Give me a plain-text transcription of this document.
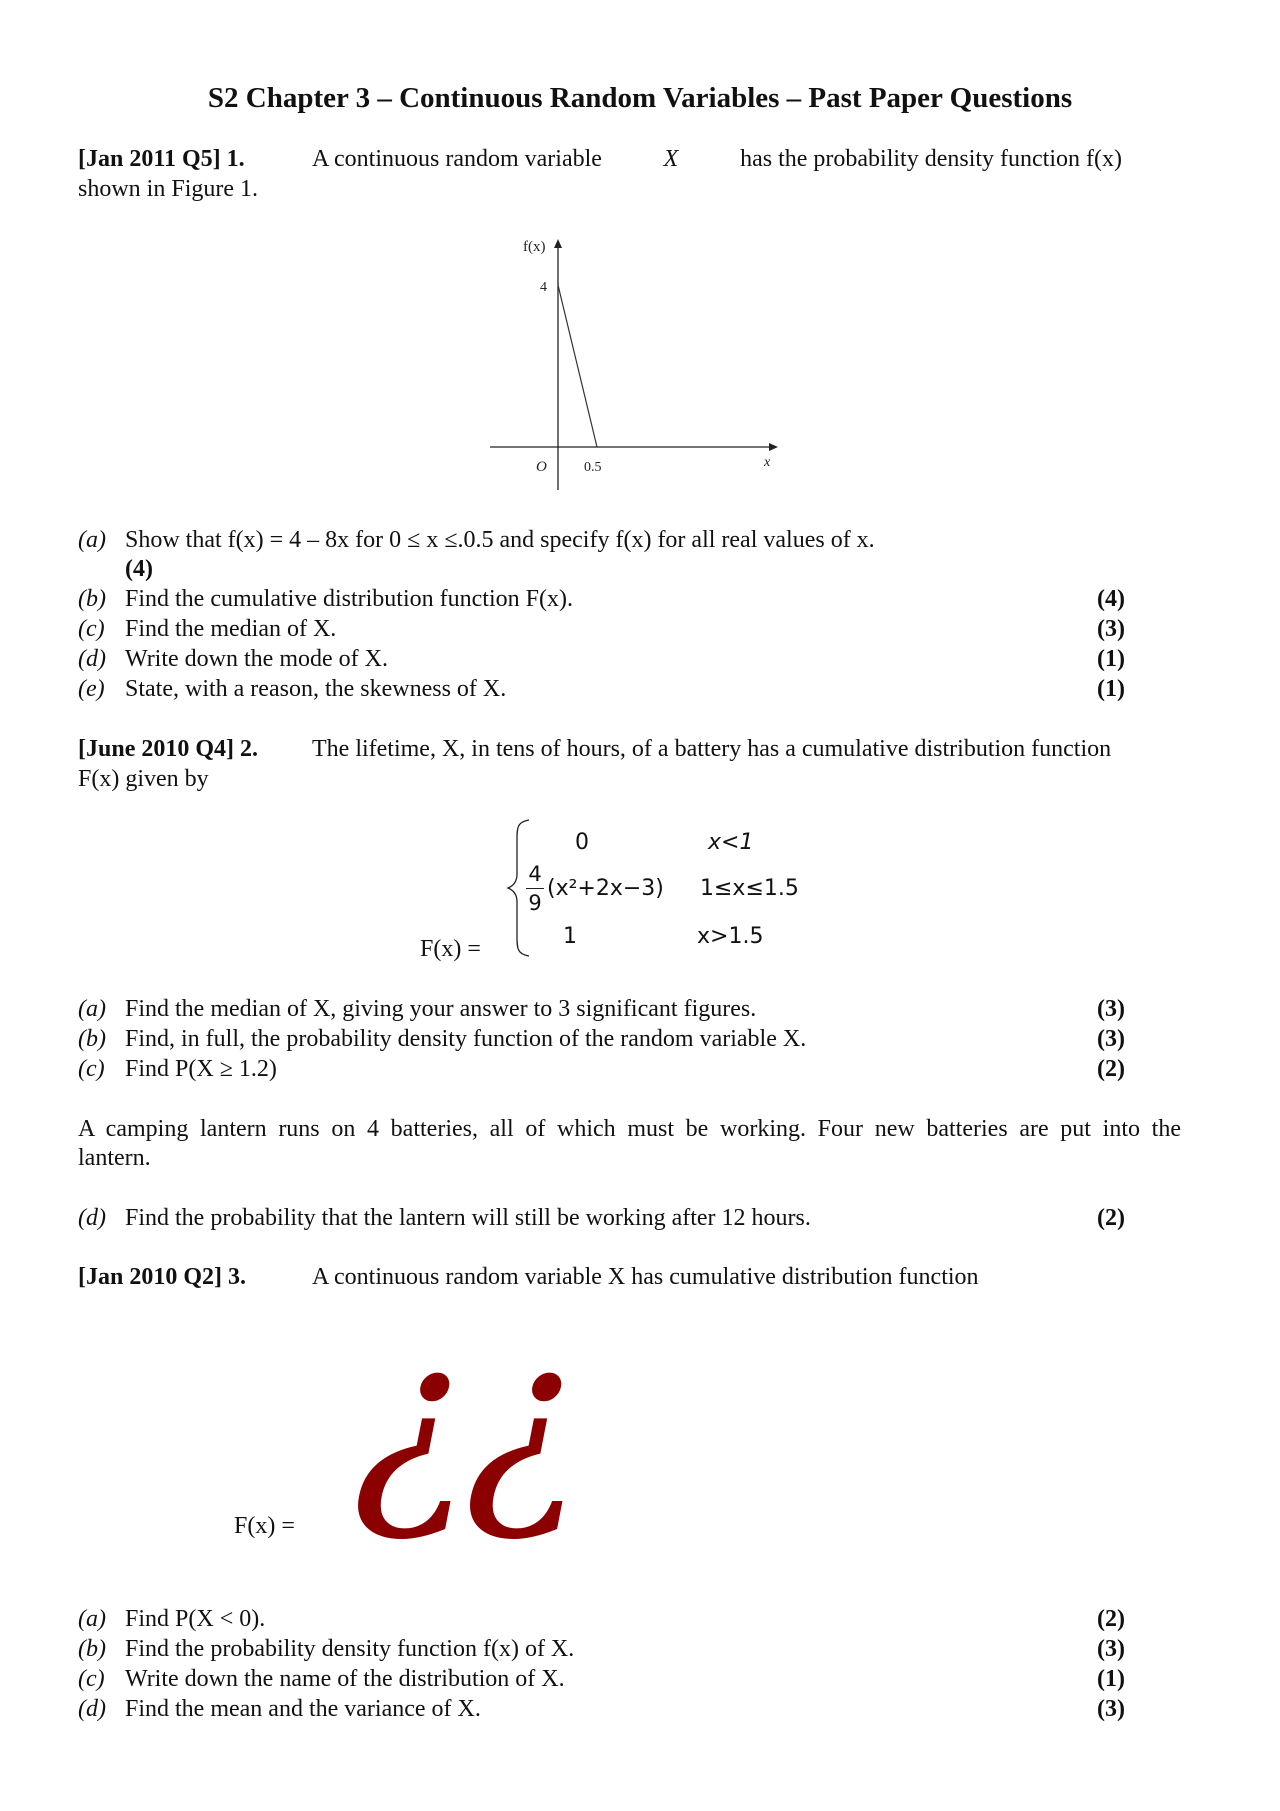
S2 Chapter 3 – Continuous Random Variables – Past Paper Questions
[Jan 2011 Q5] 1.	A continuous random variable	X	has the probability density function f(x)
shown in Figure 1.
f(x)
4
O	0.5	x
(a) Show that f(x) = 4 – 8x for 0 ≤ x ≤.0.5 and specify f(x) for all real values of x.
(4)
(b) Find the cumulative distribution function F(x).	(4)
(c) Find the median of X.	(3)
(d) Write down the mode of X.	(1)
(e) State, with a reason, the skewness of X.	(1)
[June 2010 Q4] 2. The lifetime, X, in tens of hours, of a battery has a cumulative distribution function
F(x) given by
F(x) =
0	x<1
4
9
(x²+2x−3) 1≤x≤1.5
1	x>1.5
(a) Find the median of X, giving your answer to 3 significant figures.	(3)
(b) Find, in full, the probability density function of the random variable X.	(3)
(c) Find P(X ≥ 1.2)	(2)
A camping lantern runs on 4 batteries, all of which must be working. Four new batteries are put into the
lantern.
(d) Find the probability that the lantern will still be working after 12 hours.	(2)
[Jan 2010 Q2] 3.	A continuous random variable X has cumulative distribution function
F(x) = ¿¿
(a) Find P(X < 0).	(2)
(b) Find the probability density function f(x) of X.	(3)
(c) Write down the name of the distribution of X.	(1)
(d) Find the mean and the variance of X.	(3)
